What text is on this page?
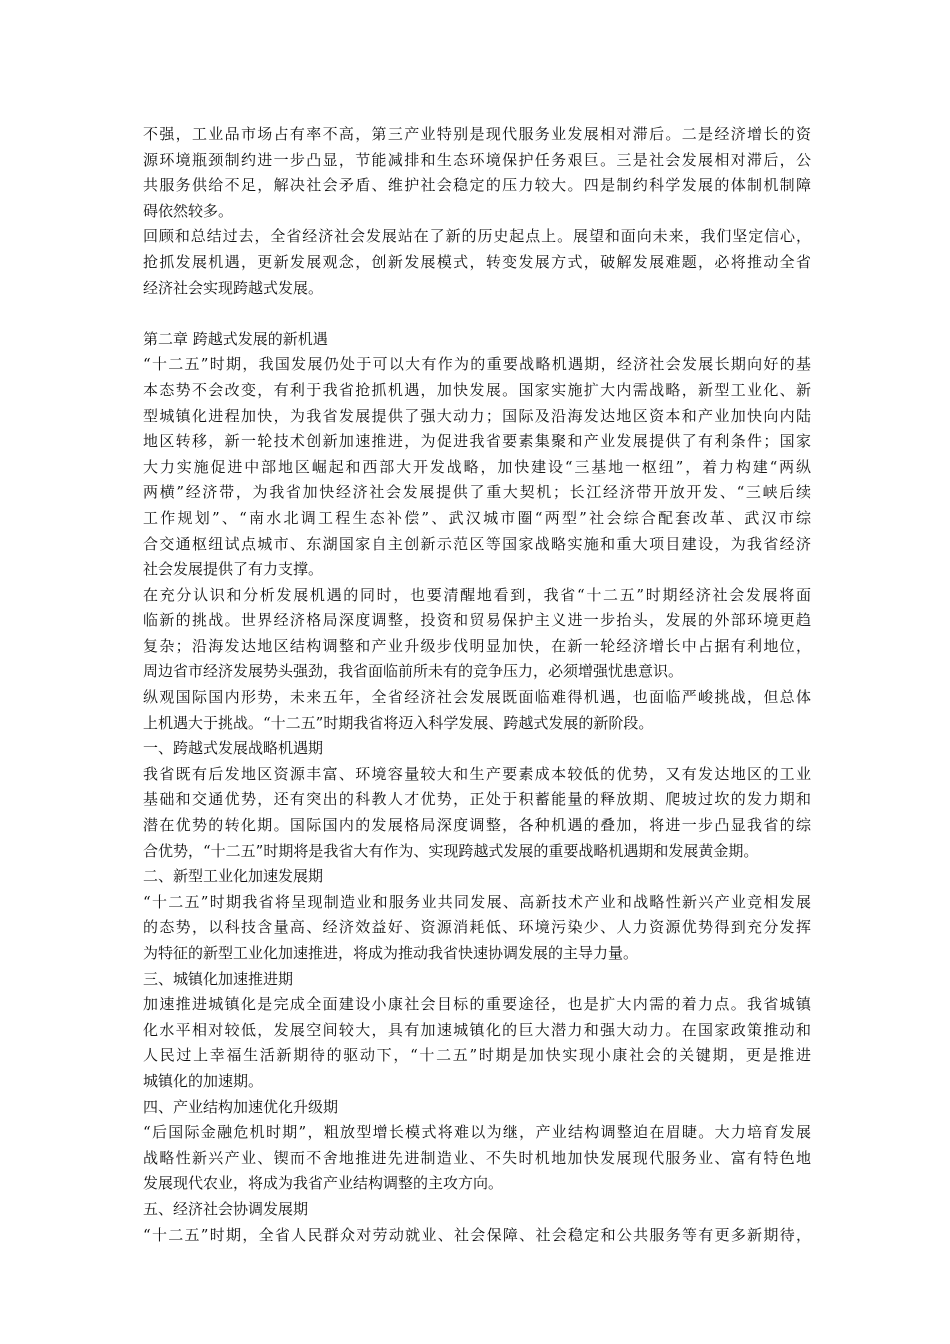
不强，工业品市场占有率不高，第三产业特别是现代服务业发展相对滞后。二是经济增长的资
源环境瓶颈制约进一步凸显，节能减排和生态环境保护任务艰巨。三是社会发展相对滞后，公
共服务供给不足，解决社会矛盾、维护社会稳定的压力较大。四是制约科学发展的体制机制障
碍依然较多。
回顾和总结过去，全省经济社会发展站在了新的历史起点上。展望和面向未来，我们坚定信心，
抢抓发展机遇，更新发展观念，创新发展模式，转变发展方式，破解发展难题，必将推动全省
经济社会实现跨越式发展。
第二章 跨越式发展的新机遇
“十二五”时期，我国发展仍处于可以大有作为的重要战略机遇期，经济社会发展长期向好的基
本态势不会改变，有利于我省抢抓机遇，加快发展。国家实施扩大内需战略，新型工业化、新
型城镇化进程加快，为我省发展提供了强大动力；国际及沿海发达地区资本和产业加快向内陆
地区转移，新一轮技术创新加速推进，为促进我省要素集聚和产业发展提供了有利条件；国家
大力实施促进中部地区崛起和西部大开发战略，加快建设“三基地一枢纽”，着力构建“两纵
两横”经济带，为我省加快经济社会发展提供了重大契机；长江经济带开放开发、“三峡后续
工作规划”、“南水北调工程生态补偿”、武汉城市圈“两型”社会综合配套改革、武汉市综
合交通枢纽试点城市、东湖国家自主创新示范区等国家战略实施和重大项目建设，为我省经济
社会发展提供了有力支撑。
在充分认识和分析发展机遇的同时，也要清醒地看到，我省“十二五”时期经济社会发展将面
临新的挑战。世界经济格局深度调整，投资和贸易保护主义进一步抬头，发展的外部环境更趋
复杂；沿海发达地区结构调整和产业升级步伐明显加快，在新一轮经济增长中占据有利地位，
周边省市经济发展势头强劲，我省面临前所未有的竞争压力，必须增强忧患意识。
纵观国际国内形势，未来五年，全省经济社会发展既面临难得机遇，也面临严峻挑战，但总体
上机遇大于挑战。“十二五”时期我省将迈入科学发展、跨越式发展的新阶段。
一、跨越式发展战略机遇期
我省既有后发地区资源丰富、环境容量较大和生产要素成本较低的优势，又有发达地区的工业
基础和交通优势，还有突出的科教人才优势，正处于积蓄能量的释放期、爬坡过坎的发力期和
潜在优势的转化期。国际国内的发展格局深度调整，各种机遇的叠加，将进一步凸显我省的综
合优势，“十二五”时期将是我省大有作为、实现跨越式发展的重要战略机遇期和发展黄金期。
二、新型工业化加速发展期
“十二五”时期我省将呈现制造业和服务业共同发展、高新技术产业和战略性新兴产业竞相发展
的态势，以科技含量高、经济效益好、资源消耗低、环境污染少、人力资源优势得到充分发挥
为特征的新型工业化加速推进，将成为推动我省快速协调发展的主导力量。
三、城镇化加速推进期
加速推进城镇化是完成全面建设小康社会目标的重要途径，也是扩大内需的着力点。我省城镇
化水平相对较低，发展空间较大，具有加速城镇化的巨大潜力和强大动力。在国家政策推动和
人民过上幸福生活新期待的驱动下，“十二五”时期是加快实现小康社会的关键期，更是推进
城镇化的加速期。
四、产业结构加速优化升级期
“后国际金融危机时期”，粗放型增长模式将难以为继，产业结构调整迫在眉睫。大力培育发展
战略性新兴产业、锲而不舍地推进先进制造业、不失时机地加快发展现代服务业、富有特色地
发展现代农业，将成为我省产业结构调整的主攻方向。
五、经济社会协调发展期
“十二五”时期，全省人民群众对劳动就业、社会保障、社会稳定和公共服务等有更多新期待，
